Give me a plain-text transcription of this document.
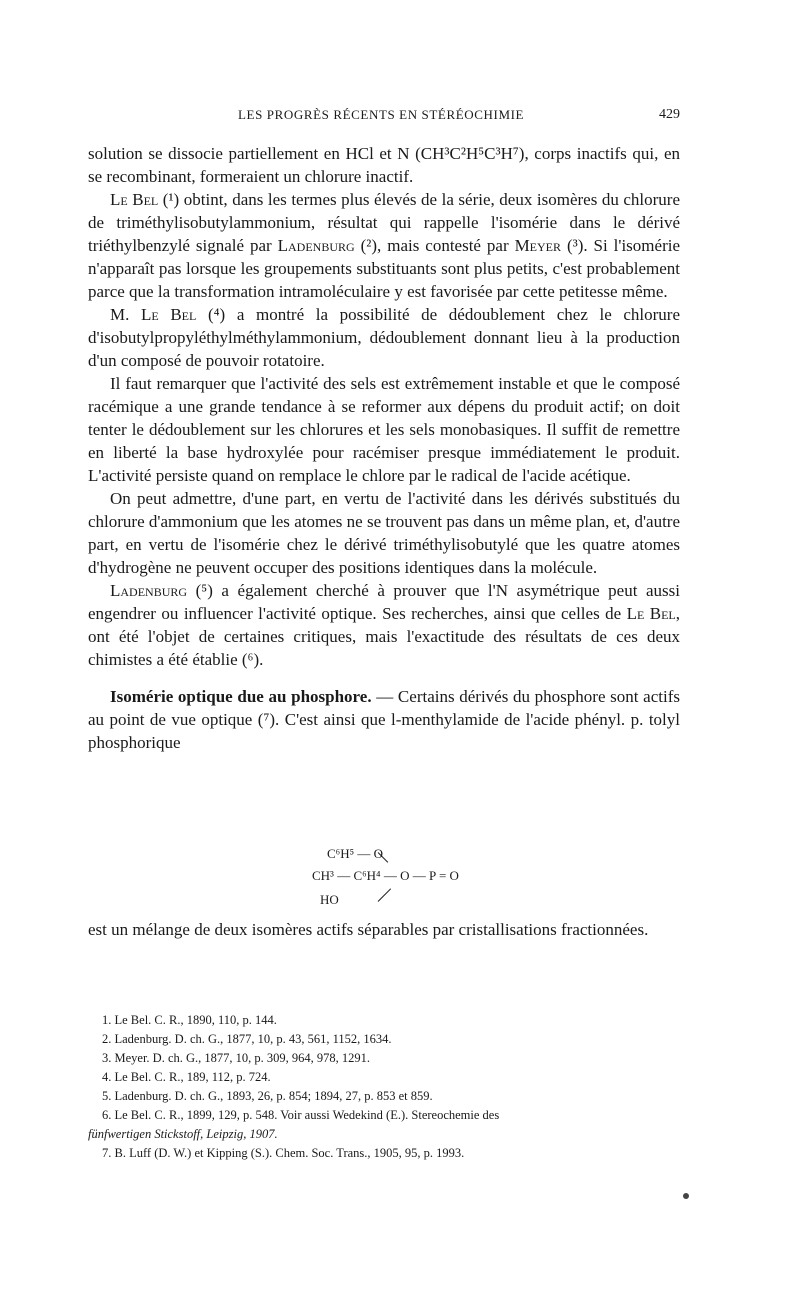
LES PROGRÈS RÉCENTS EN STÉRÉOCHIMIE	429

solution se dissocie partiellement en HCl et N (CH³C²H⁵C³H⁷), corps inactifs qui, en se recombinant, formeraient un chlorure inactif.

Le Bel (¹) obtint, dans les termes plus élevés de la série, deux isomères du chlorure de triméthylisobutylammonium, résultat qui rappelle l'isomérie dans le dérivé triéthylbenzylé signalé par Ladenburg (²), mais contesté par Meyer (³). Si l'isomérie n'apparaît pas lorsque les groupements substituants sont plus petits, c'est probablement parce que la transformation intramoléculaire y est favorisée par cette petitesse même.

M. Le Bel (⁴) a montré la possibilité de dédoublement chez le chlorure d'isobutylpropyléthylméthylammonium, dédoublement donnant lieu à la production d'un composé de pouvoir rotatoire.

Il faut remarquer que l'activité des sels est extrêmement instable et que le composé racémique a une grande tendance à se reformer aux dépens du produit actif; on doit tenter le dédoublement sur les chlorures et les sels monobasiques. Il suffit de remettre en liberté la base hydroxylée pour racémiser presque immédiatement le produit. L'activité persiste quand on remplace le chlore par le radical de l'acide acétique.

On peut admettre, d'une part, en vertu de l'activité dans les dérivés substitués du chlorure d'ammonium que les atomes ne se trouvent pas dans un même plan, et, d'autre part, en vertu de l'isomérie chez le dérivé triméthylisobutylé que les quatre atomes d'hydrogène ne peuvent occuper des positions identiques dans la molécule.

Ladenburg (⁵) a également cherché à prouver que l'N asymétrique peut aussi engendrer ou influencer l'activité optique. Ses recherches, ainsi que celles de Le Bel, ont été l'objet de certaines critiques, mais l'exactitude des résultats de ces deux chimistes a été établie (⁶).

Isomérie optique due au phosphore. — Certains dérivés du phosphore sont actifs au point de vue optique (⁷). C'est ainsi que l-menthylamide de l'acide phényl. p. tolyl phosphorique

C⁶H⁵ — O
CH³ — C⁶H⁴ — O — P = O
HO

est un mélange de deux isomères actifs séparables par cristallisations fractionnées.

1. Le Bel. C. R., 1890, 110, p. 144.
2. Ladenburg. D. ch. G., 1877, 10, p. 43, 561, 1152, 1634.
3. Meyer. D. ch. G., 1877, 10, p. 309, 964, 978, 1291.
4. Le Bel. C. R., 189, 112, p. 724.
5. Ladenburg. D. ch. G., 1893, 26, p. 854; 1894, 27, p. 853 et 859.
6. Le Bel. C. R., 1899, 129, p. 548. Voir aussi Wedekind (E.). Stereochemie des
fünfwertigen Stickstoff, Leipzig, 1907.
7. B. Luff (D. W.) et Kipping (S.). Chem. Soc. Trans., 1905, 95, p. 1993.
